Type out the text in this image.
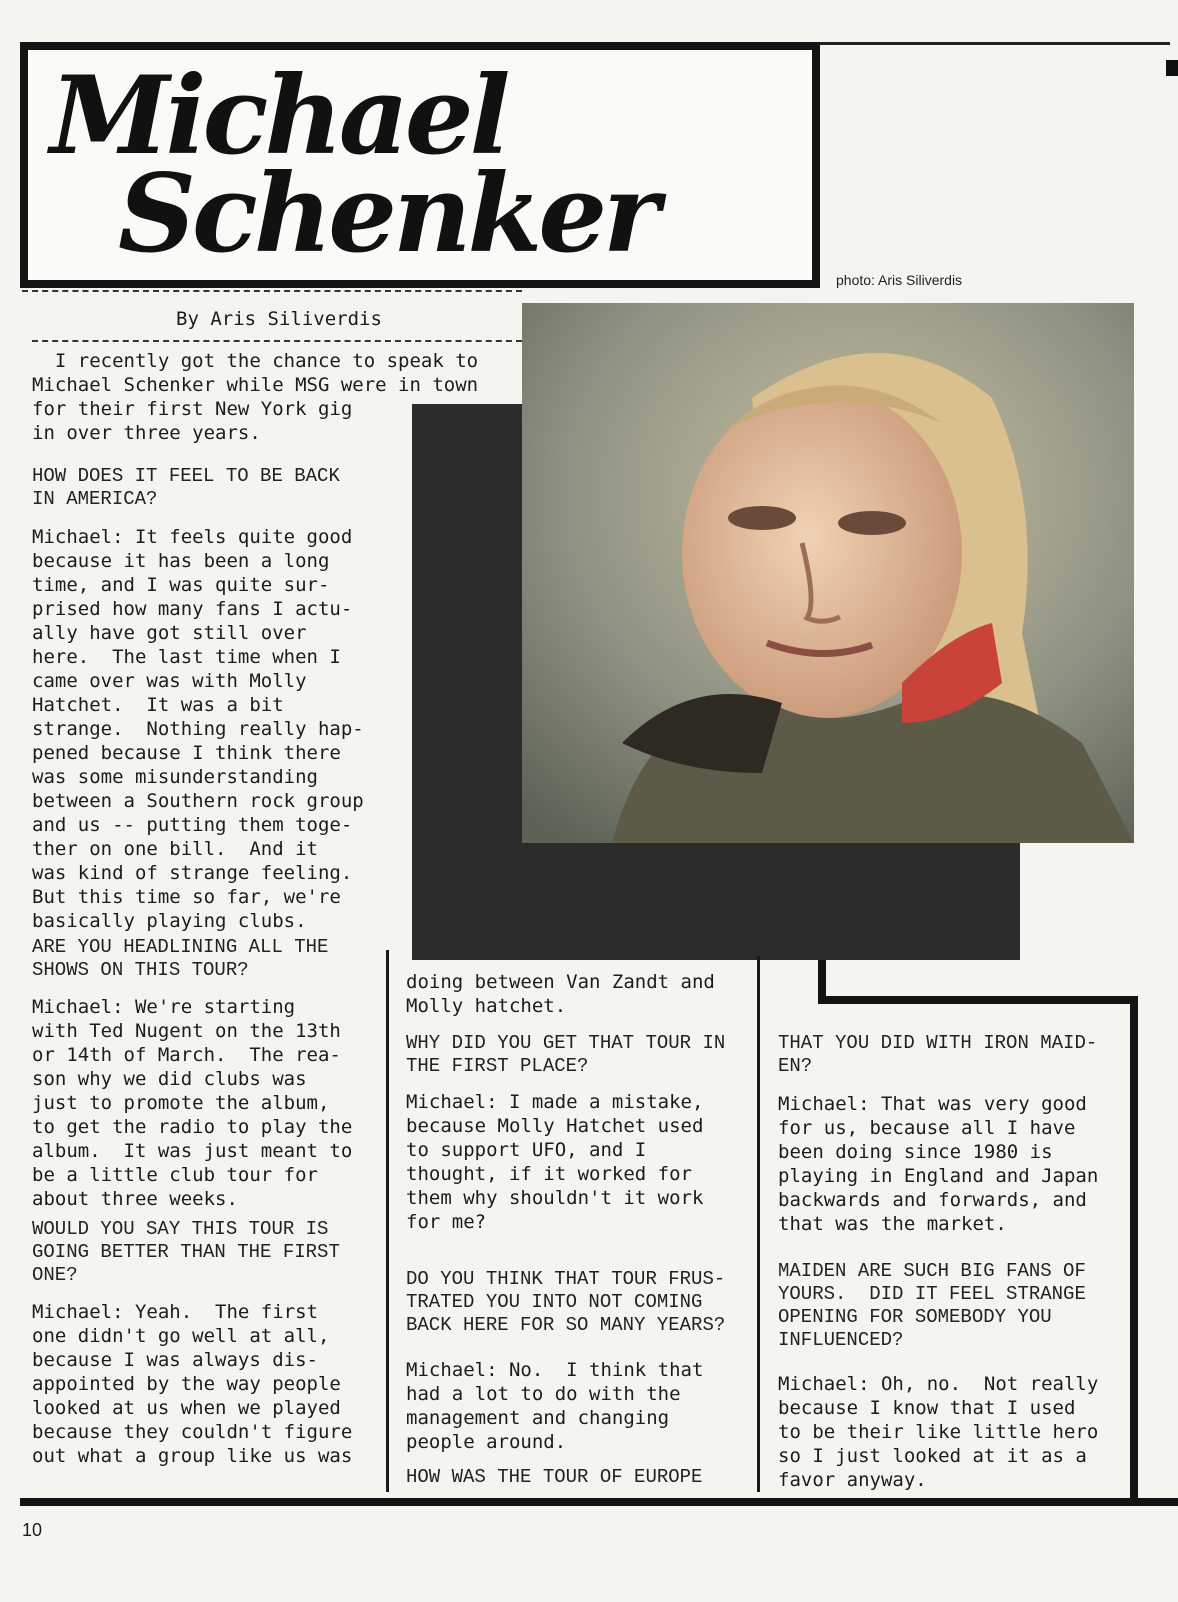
Michael
Schenker
photo: Aris Siliverdis
By Aris Siliverdis
I recently got the chance to speak to
Michael Schenker while MSG were in town
for their first New York gig
in over three years.
HOW DOES IT FEEL TO BE BACK
IN AMERICA?
Michael: It feels quite good
because it has been a long
time, and I was quite sur-
prised how many fans I actu-
ally have got still over
here.  The last time when I
came over was with Molly
Hatchet.  It was a bit
strange.  Nothing really hap-
pened because I think there
was some misunderstanding
between a Southern rock group
and us -- putting them toge-
ther on one bill.  And it
was kind of strange feeling.
But this time so far, we're
basically playing clubs.
ARE YOU HEADLINING ALL THE
SHOWS ON THIS TOUR?
Michael: We're starting
with Ted Nugent on the 13th
or 14th of March.  The rea-
son why we did clubs was
just to promote the album,
to get the radio to play the
album.  It was just meant to
be a little club tour for
about three weeks.
WOULD YOU SAY THIS TOUR IS
GOING BETTER THAN THE FIRST
ONE?
Michael: Yeah.  The first
one didn't go well at all,
because I was always dis-
appointed by the way people
looked at us when we played
because they couldn't figure
out what a group like us was
doing between Van Zandt and
Molly hatchet.
WHY DID YOU GET THAT TOUR IN
THE FIRST PLACE?
Michael: I made a mistake,
because Molly Hatchet used
to support UFO, and I
thought, if it worked for
them why shouldn't it work
for me?
DO YOU THINK THAT TOUR FRUS-
TRATED YOU INTO NOT COMING
BACK HERE FOR SO MANY YEARS?
Michael: No.  I think that
had a lot to do with the
management and changing
people around.
HOW WAS THE TOUR OF EUROPE
THAT YOU DID WITH IRON MAID-
EN?
Michael: That was very good
for us, because all I have
been doing since 1980 is
playing in England and Japan
backwards and forwards, and
that was the market.
MAIDEN ARE SUCH BIG FANS OF
YOURS.  DID IT FEEL STRANGE
OPENING FOR SOMEBODY YOU
INFLUENCED?
Michael: Oh, no.  Not really
because I know that I used
to be their like little hero
so I just looked at it as a
favor anyway.
10
